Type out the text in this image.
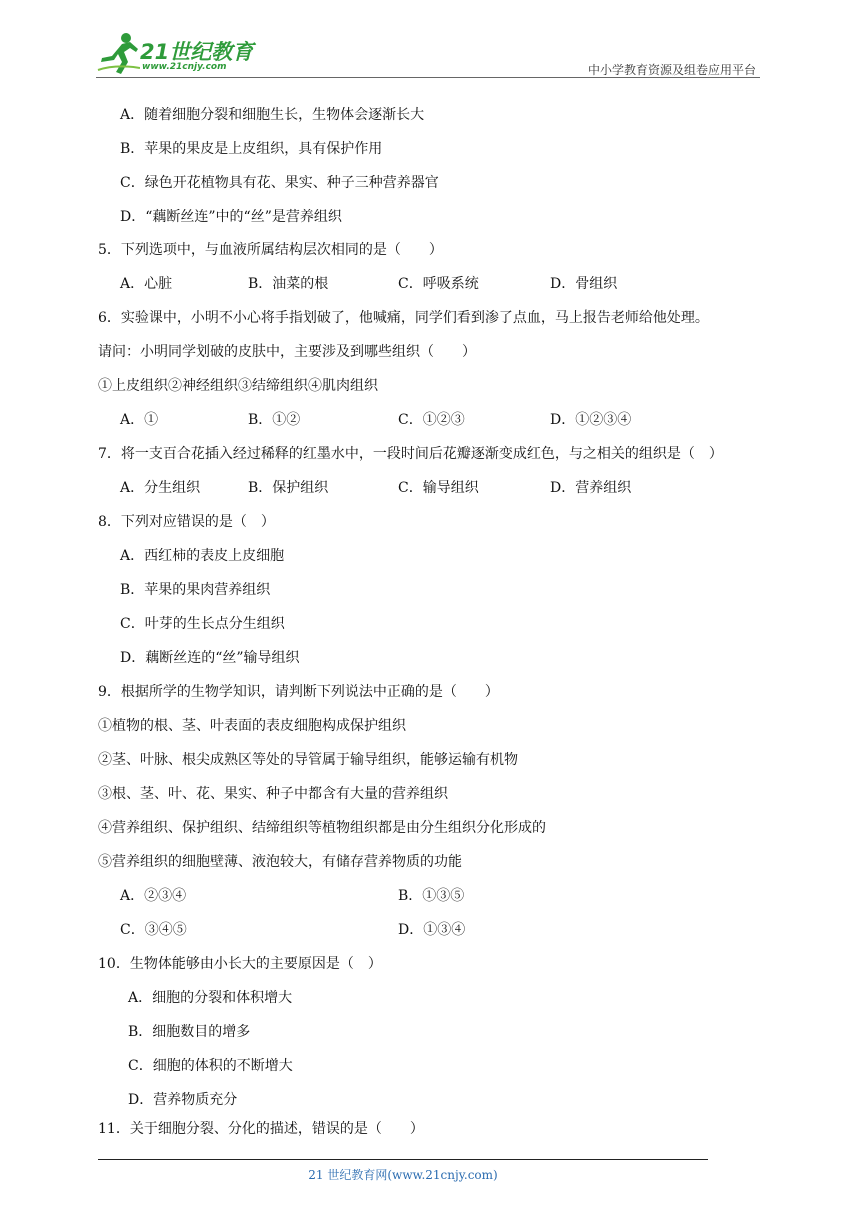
21世纪教育
www.21cnjy.com	中小学教育资源及组卷应用平台
A．随着细胞分裂和细胞生长，生物体会逐渐长大
B．苹果的果皮是上皮组织，具有保护作用
C．绿色开花植物具有花、果实、种子三种营养器官
D．“藕断丝连”中的“丝”是营养组织
5．下列选项中，与血液所属结构层次相同的是（　　）
A．心脏	B．油菜的根	C．呼吸系统	D．骨组织
6．实验课中，小明不小心将手指划破了，他喊痛，同学们看到渗了点血，马上报告老师给他处理。
请问：小明同学划破的皮肤中，主要涉及到哪些组织（　　）
①上皮组织②神经组织③结缔组织④肌肉组织
A．①	B．①②	C．①②③	D．①②③④
7．将一支百合花插入经过稀释的红墨水中，一段时间后花瓣逐渐变成红色，与之相关的组织是（　）
A．分生组织	B．保护组织	C．输导组织	D．营养组织
8．下列对应错误的是（　）
A．西红柿的表皮上皮细胞
B．苹果的果肉营养组织
C．叶芽的生长点分生组织
D．藕断丝连的“丝”输导组织
9．根据所学的生物学知识，请判断下列说法中正确的是（　　）
①植物的根、茎、叶表面的表皮细胞构成保护组织
②茎、叶脉、根尖成熟区等处的导管属于输导组织，能够运输有机物
③根、茎、叶、花、果实、种子中都含有大量的营养组织
④营养组织、保护组织、结缔组织等植物组织都是由分生组织分化形成的
⑤营养组织的细胞壁薄、液泡较大，有储存营养物质的功能
A．②③④	B．①③⑤
C．③④⑤	D．①③④
10．生物体能够由小长大的主要原因是（　）
A．细胞的分裂和体积增大
B．细胞数目的增多
C．细胞的体积的不断增大
D．营养物质充分
11．关于细胞分裂、分化的描述，错误的是（　　）
21 世纪教育网(www.21cnjy.com)
